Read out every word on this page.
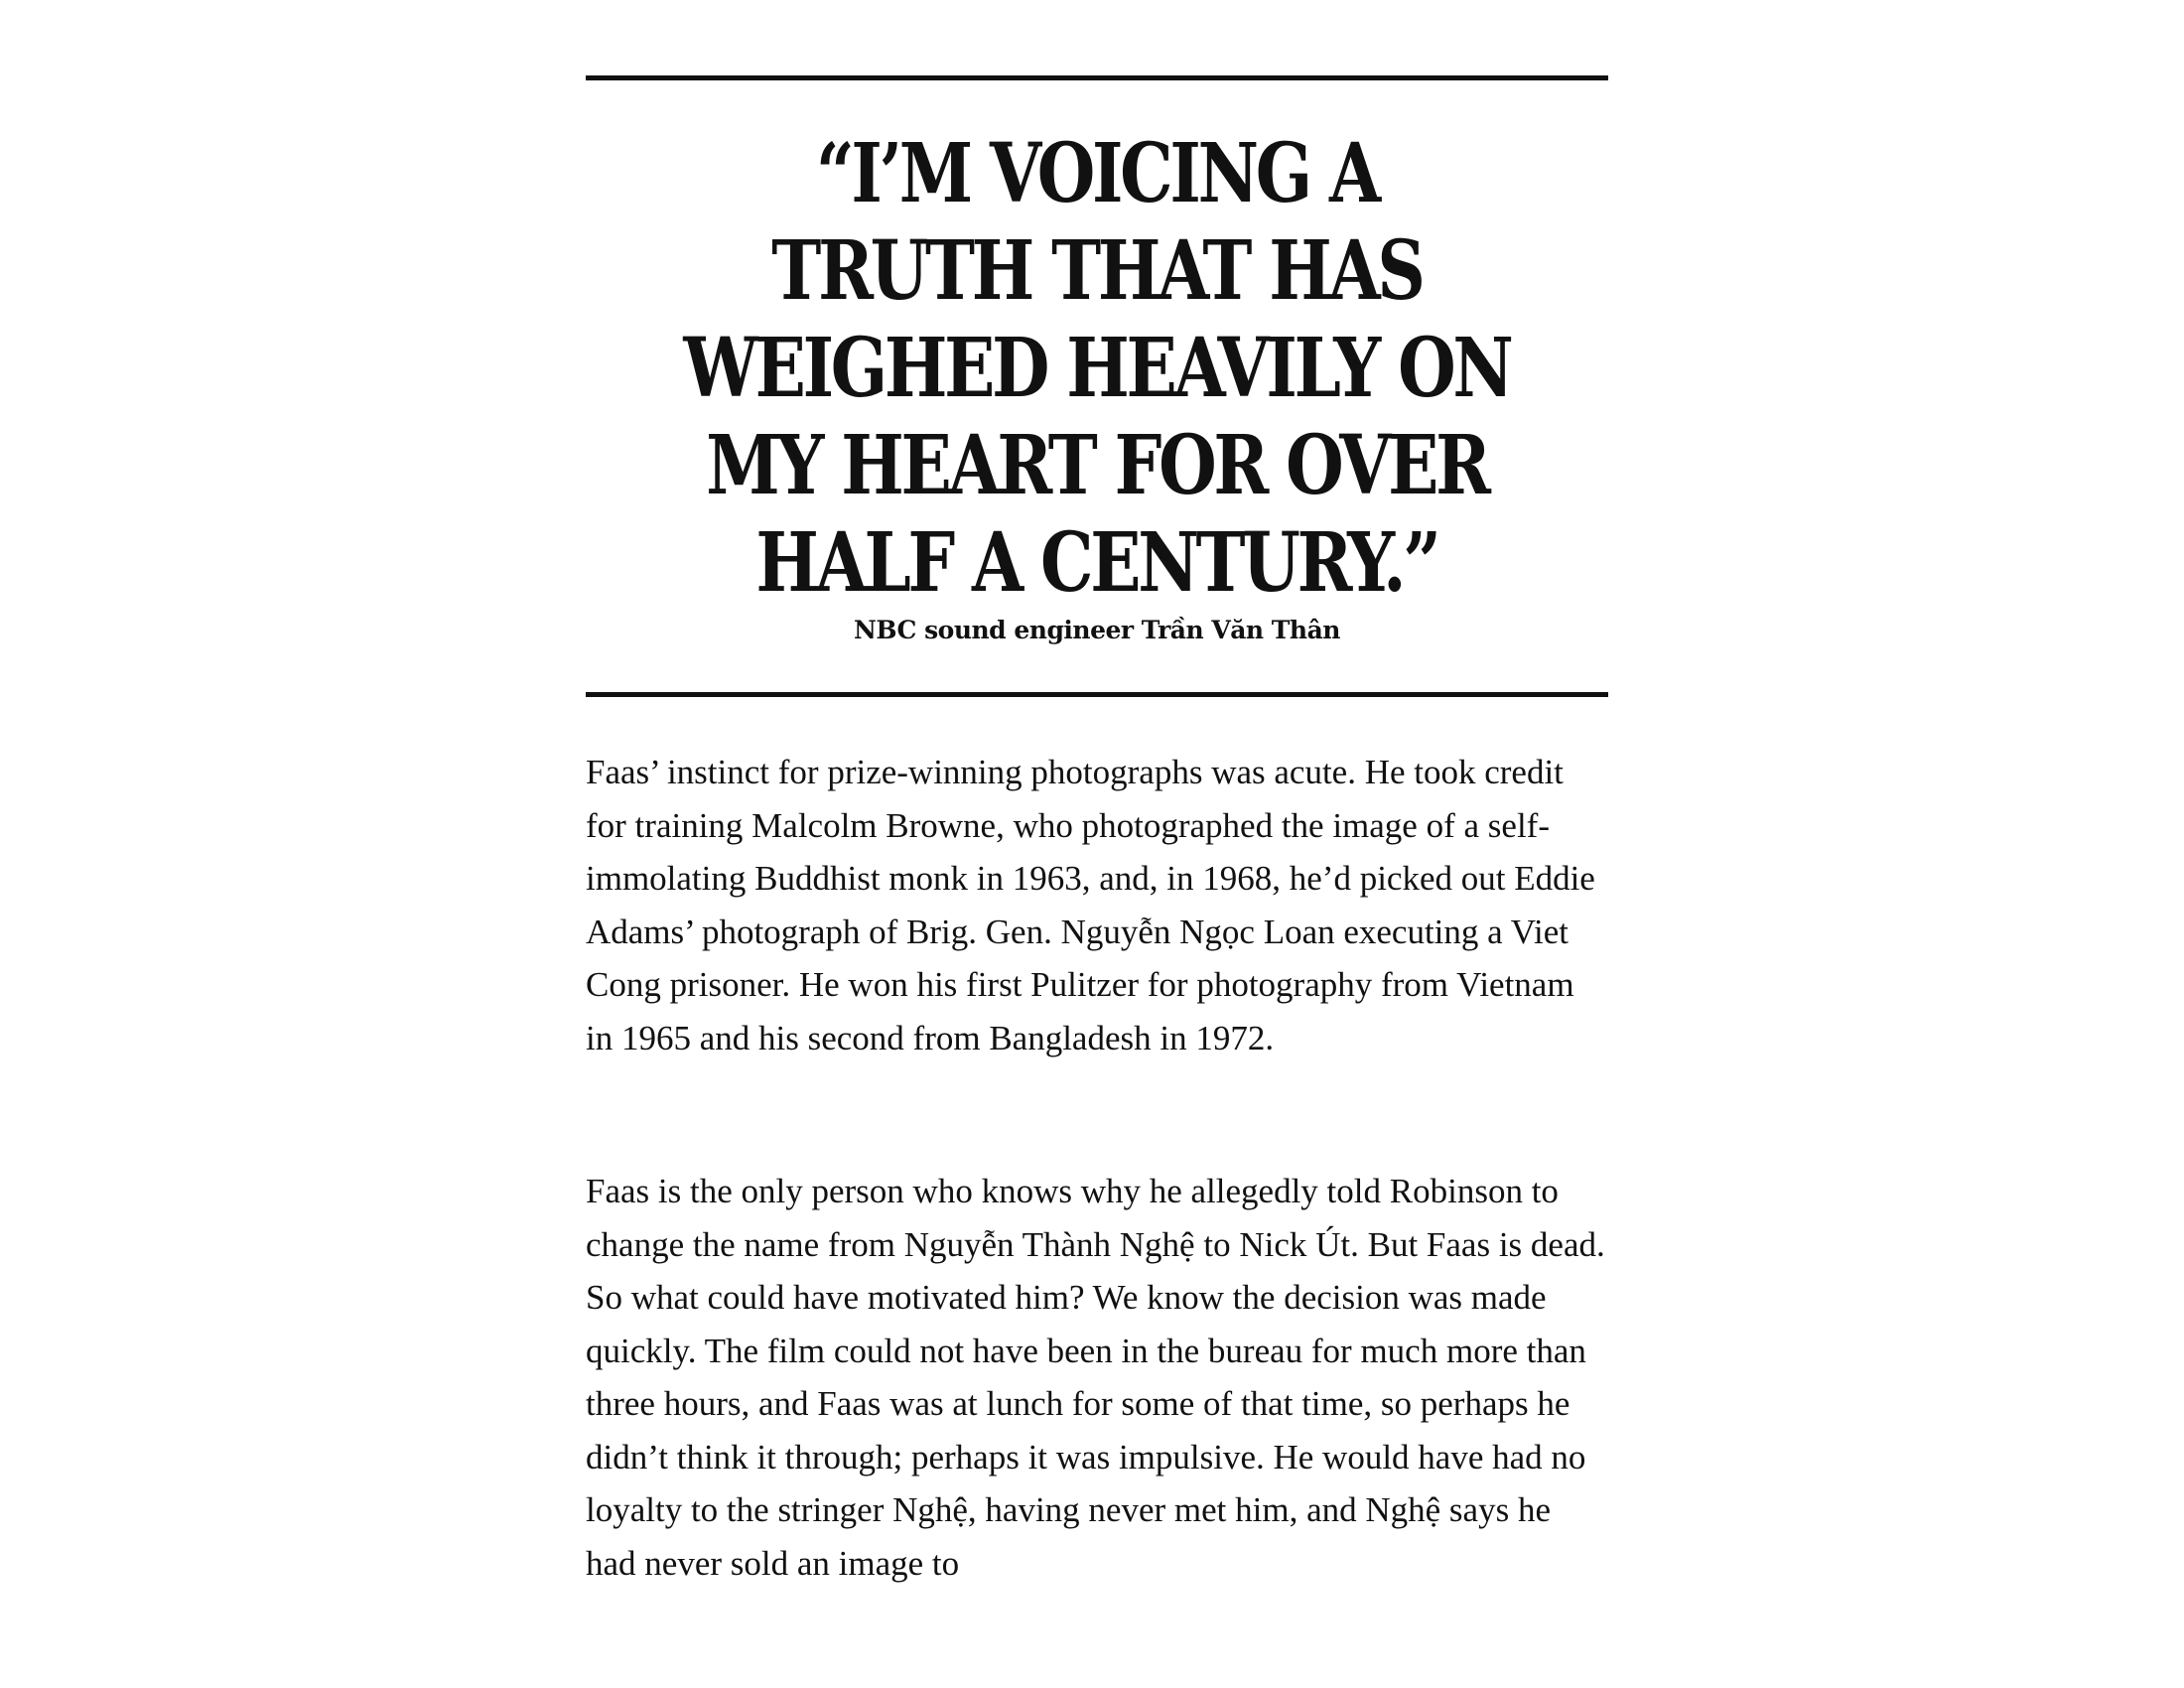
“I’M VOICING A TRUTH THAT HAS WEIGHED HEAVILY ON MY HEART FOR OVER HALF A CENTURY.”
NBC sound engineer Trần Văn Thân

Faas’ instinct for prize-winning photographs was acute. He took credit for training Malcolm Browne, who photographed the image of a self-immolating Buddhist monk in 1963, and, in 1968, he’d picked out Eddie Adams’ photograph of Brig. Gen. Nguyễn Ngọc Loan executing a Viet Cong prisoner. He won his first Pulitzer for photography from Vietnam in 1965 and his second from Bangladesh in 1972.

Faas is the only person who knows why he allegedly told Robinson to change the name from Nguyễn Thành Nghệ to Nick Út. But Faas is dead. So what could have motivated him? We know the decision was made quickly. The film could not have been in the bureau for much more than three hours, and Faas was at lunch for some of that time, so perhaps he didn’t think it through; perhaps it was impulsive. He would have had no loyalty to the stringer Nghệ, having never met him, and Nghệ says he had never sold an image to
